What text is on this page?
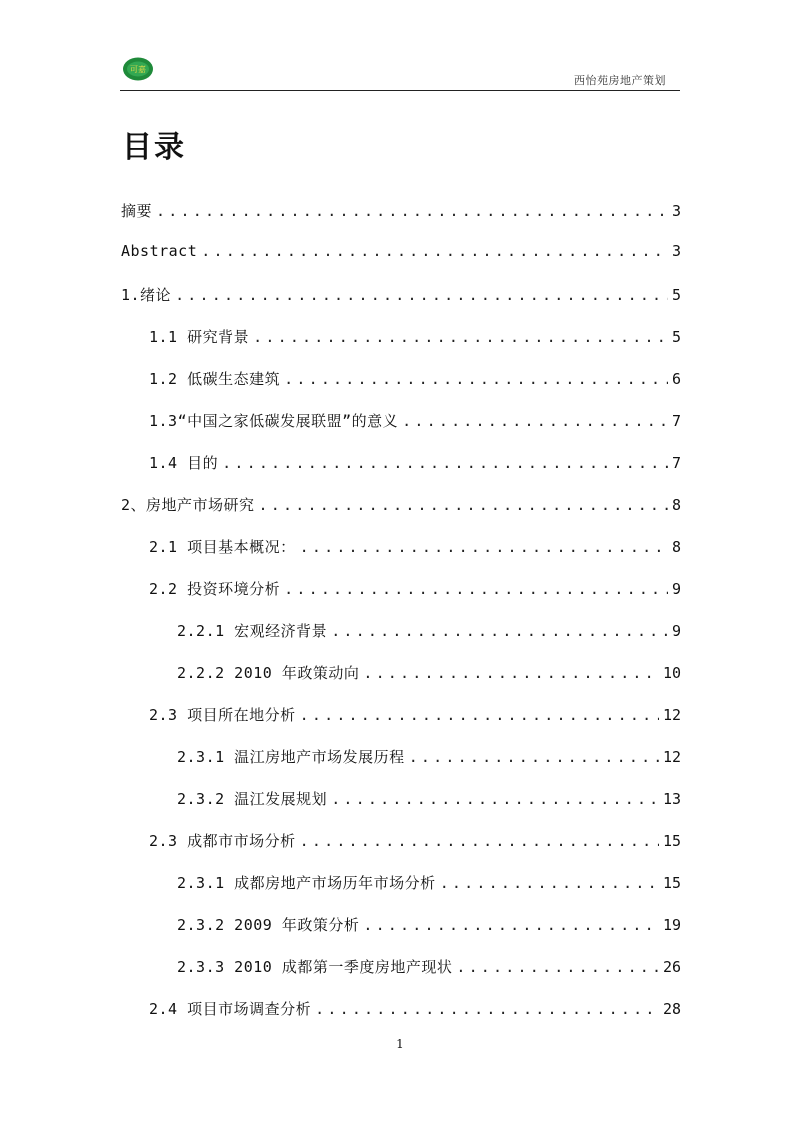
可嘉
西怡苑房地产策划
目录
摘要 .....	3
Abstract .....	3
1.绪论 .....	5
1.1 研究背景 .....	5
1.2 低碳生态建筑 .....	6
1.3“中国之家低碳发展联盟”的意义 .....	7
1.4 目的 .....	7
2、房地产市场研究 .....	8
2.1 项目基本概况： .....	8
2.2 投资环境分析 .....	9
2.2.1 宏观经济背景 .....	9
2.2.2 2010 年政策动向 .....	10
2.3 项目所在地分析 .....	12
2.3.1 温江房地产市场发展历程 .....	12
2.3.2 温江发展规划 .....	13
2.3 成都市市场分析 .....	15
2.3.1 成都房地产市场历年市场分析 .....	15
2.3.2 2009 年政策分析 .....	19
2.3.3 2010 成都第一季度房地产现状 .....	26
2.4 项目市场调查分析 .....	28
1
